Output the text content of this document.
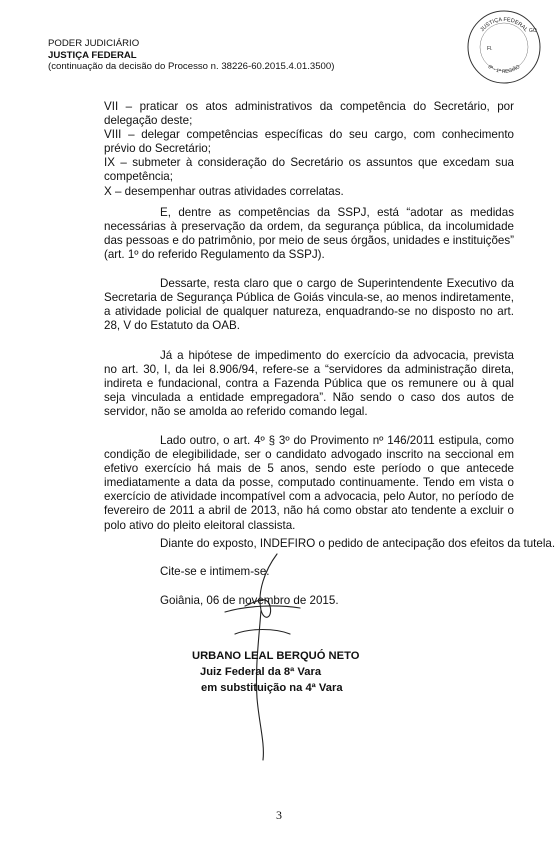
PODER JUDICIÁRIO
JUSTIÇA FEDERAL
(continuação da decisão do Processo n. 38226-60.2015.4.01.3500)
JUSTIÇA FEDERAL
8ª - 1ª REGIÃO
GO
Fl.

VII – praticar os atos administrativos da competência do Secretário, por delegação deste;

VIII – delegar competências específicas do seu cargo, com conhecimento prévio do Secretário;

IX – submeter à consideração do Secretário os assuntos que excedam sua competência;

X – desempenhar outras atividades correlatas.

E, dentre as competências da SSPJ, está “adotar as medidas necessárias à preservação da ordem, da segurança pública, da incolumidade das pessoas e do patrimônio, por meio de seus órgãos, unidades e instituições” (art. 1º do referido Regulamento da SSPJ).

Dessarte, resta claro que o cargo de Superintendente Executivo da Secretaria de Segurança Pública de Goiás vincula-se, ao menos indiretamente, a atividade policial de qualquer natureza, enquadrando-se no disposto no art. 28, V do Estatuto da OAB.

Já a hipótese de impedimento do exercício da advocacia, prevista no art. 30, I, da lei 8.906/94, refere-se a “servidores da administração direta, indireta e fundacional, contra a Fazenda Pública que os remunere ou à qual seja vinculada a entidade empregadora”. Não sendo o caso dos autos de servidor, não se amolda ao referido comando legal.

Lado outro, o art. 4º § 3º do Provimento nº 146/2011 estipula, como condição de elegibilidade, ser o candidato advogado inscrito na seccional em efetivo exercício há mais de 5 anos, sendo este período o que antecede imediatamente a data da posse, computado continuamente. Tendo em vista o exercício de atividade incompatível com a advocacia, pelo Autor, no período de fevereiro de 2011 a abril de 2013, não há como obstar ato tendente a excluir o polo ativo do pleito eleitoral classista.

Diante do exposto, INDEFIRO o pedido de antecipação dos efeitos da tutela.
Cite-se e intimem-se.
Goiânia, 06 de novembro de 2015.
URBANO LEAL BERQUÓ NETO
Juiz Federal da 8ª Vara
em substituição na 4ª Vara
3
